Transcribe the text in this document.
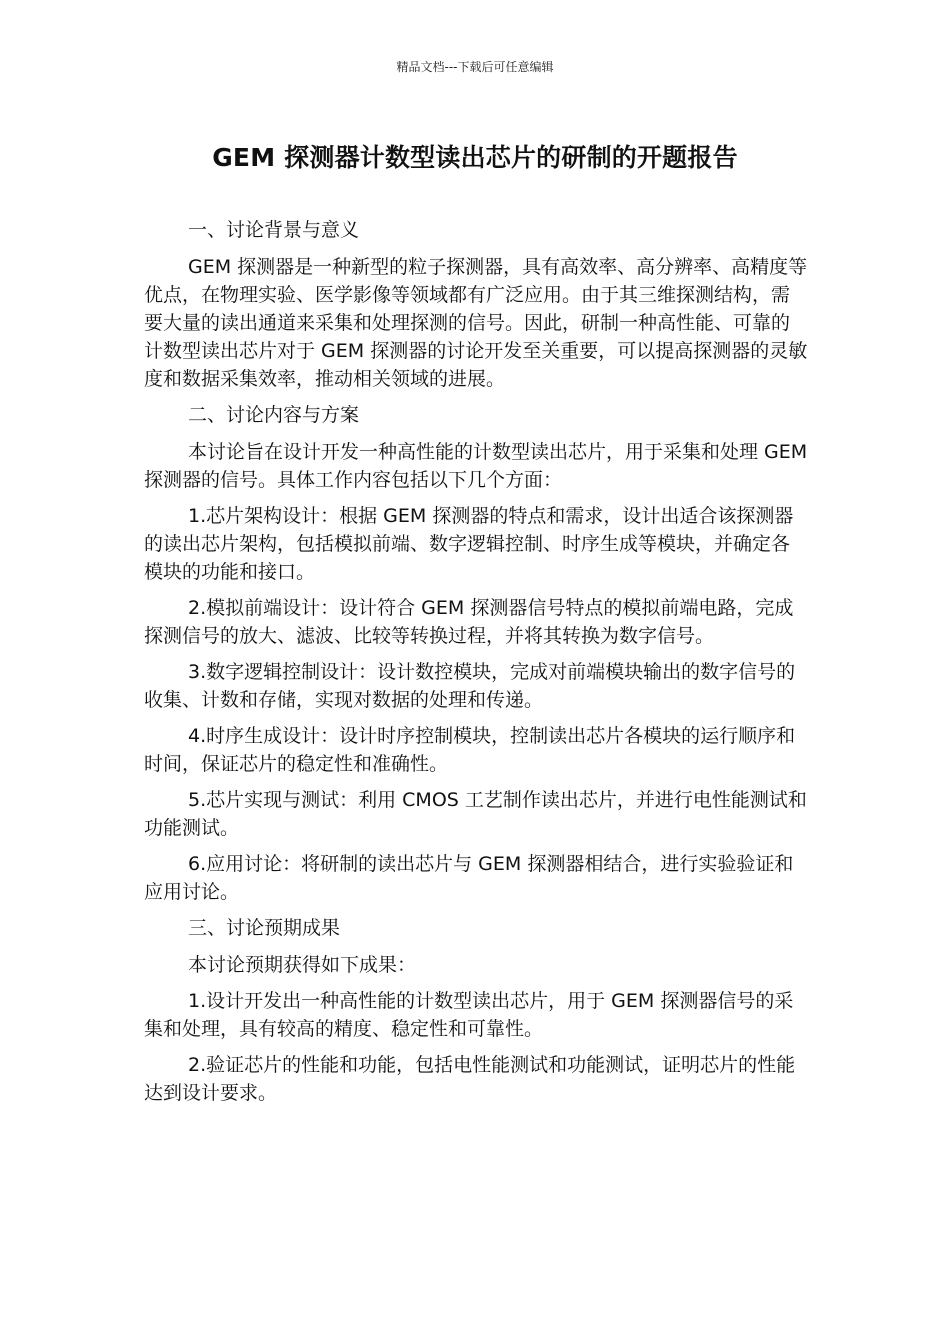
精品文档---下载后可任意编辑
GEM 探测器计数型读出芯片的研制的开题报告

一、讨论背景与意义

GEM 探测器是一种新型的粒子探测器，具有高效率、高分辨率、高精度等优点，在物理实验、医学影像等领域都有广泛应用。由于其三维探测结构，需要大量的读出通道来采集和处理探测的信号。因此，研制一种高性能、可靠的计数型读出芯片对于 GEM 探测器的讨论开发至关重要，可以提高探测器的灵敏度和数据采集效率，推动相关领域的进展。

二、讨论内容与方案

本讨论旨在设计开发一种高性能的计数型读出芯片，用于采集和处理 GEM 探测器的信号。具体工作内容包括以下几个方面：

1.芯片架构设计：根据 GEM 探测器的特点和需求，设计出适合该探测器的读出芯片架构，包括模拟前端、数字逻辑控制、时序生成等模块，并确定各模块的功能和接口。

2.模拟前端设计：设计符合 GEM 探测器信号特点的模拟前端电路，完成探测信号的放大、滤波、比较等转换过程，并将其转换为数字信号。

3.数字逻辑控制设计：设计数控模块，完成对前端模块输出的数字信号的收集、计数和存储，实现对数据的处理和传递。

4.时序生成设计：设计时序控制模块，控制读出芯片各模块的运行顺序和时间，保证芯片的稳定性和准确性。

5.芯片实现与测试：利用 CMOS 工艺制作读出芯片，并进行电性能测试和功能测试。

6.应用讨论：将研制的读出芯片与 GEM 探测器相结合，进行实验验证和应用讨论。

三、讨论预期成果

本讨论预期获得如下成果：

1.设计开发出一种高性能的计数型读出芯片，用于 GEM 探测器信号的采集和处理，具有较高的精度、稳定性和可靠性。

2.验证芯片的性能和功能，包括电性能测试和功能测试，证明芯片的性能达到设计要求。
